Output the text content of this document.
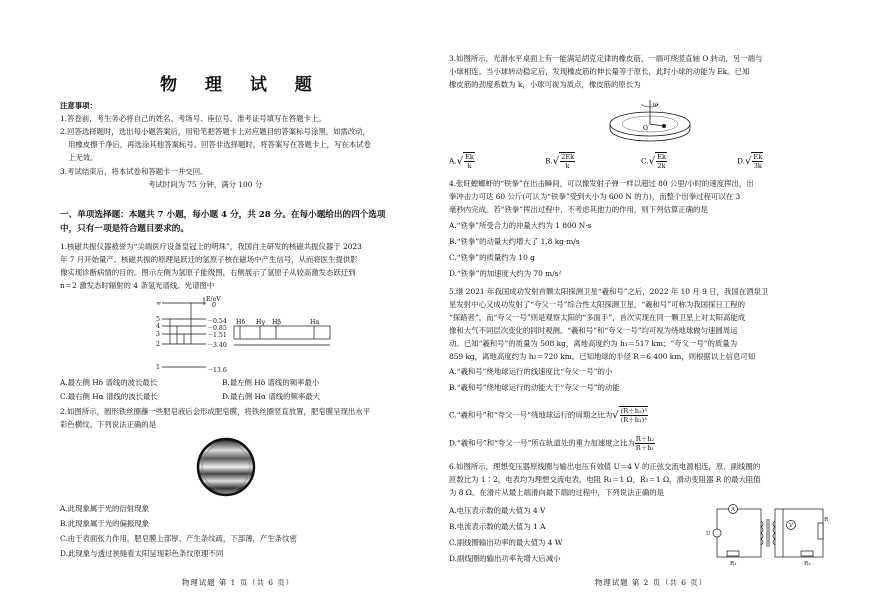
物 理 试 题
注意事项：
1.答卷前，考生务必将自己的姓名、考场号、座位号、准考证号填写在答题卡上。
2.回答选择题时，选出每小题答案后，用铅笔把答题卡上对应题目的答案标号涂黑，如需改动，
用橡皮擦干净后，再选涂其他答案标号。回答非选择题时，将答案写在答题卡上，写在本试卷
上无效。
3.考试结束后，将本试卷和答题卡一并交回。
考试时间为 75 分钟，满分 100 分
一、单项选择题：本题共 7 小题，每小题 4 分，共 28 分。在每小题给出的四个选项
中，只有一项是符合题目要求的。
1.核磁共振仪器被誉为“尖端医疗设备皇冠上的明珠”，我国自主研发的核磁共振仪器于 2023
年 7 月开始量产。核磁共振的原理是跃迁的氢原子核在磁场中产生信号，从而将医生提供影
像实现诊断病情的目的。图示左侧为氢原子能级图，右侧展示了氢原子从较高激发态跃迁到
n＝2 激发态时辐射的 4 条氢光谱线。光谱图中
E/eV
∞
5
4
3
2
1
0
－ 0.54
－ 0.85
－ 1.51
－ 3.40
－ 13.6
Hδ Hγ Hβ	Hα
A.最左侧 Hδ 谱线的波长最长	B.最左侧 Hδ 谱线的频率最小
C.最右侧 Hα 谱线的波长最长	D.最右侧 Hα 谱线的频率最大
2.如图所示，圆形铁丝圈蘸一些肥皂液后会形成肥皂膜，将铁丝圈竖直放置，肥皂膜呈现出水平
彩色横纹。下列说法正确的是
A.此现象属于光的衍射现象
B.此现象属于光的偏振现象
C.由于表面张力作用，肥皂膜上部厚、产生条纹疏，下部薄，产生条纹密
D.此现象与透过狭缝看太阳呈现彩色条纹原理不同
物理试题 第 1 页（共 6 页）
3.如图所示，光滑水平桌面上有一能满足胡克定律的橡皮筋，一端可绕竖直轴 O 转动，另一端与
小球相连。当小球转动稳定后，发现橡皮筋的伸长量等于原长，此时小球的动能为 Ek。已知
橡皮筋的劲度系数为 k，小球可视为质点，橡皮筋的原长为
ω
O
$A.√ \frac{Ek}{k}$	$B.√ \frac{2Ek}{k}$	$C.√ \frac{Ek}{2k}$	$D.√ \frac{Ek}{3k}$
4.张旺螳螂虾的“铁拳”在出击瞬间，可以像发射子弹一样以超过 80 公里/小时的速度挥出，出
拳冲击力可达 60 公斤(可认为“铁拳”受到大小为 600 N 的力)，而整个出拳过程可以在 3
毫秒内完成。若“铁拳”挥出过程中，不考虑其他力的作用，则下列估算正确的是
A.“铁拳”所受合力的冲量大约为 1 800 N·s
B.“铁拳”的动量大约增大了 1.8 kg·m/s
C.“铁拳”的质量约为 10 g
D.“铁拳”的加速度大约为 70 m/s²
5.继 2021 年我国成功发射首颗太阳探测卫星“羲和号”之后，2022 年 10 月 9 日，我国在酒泉卫
星发射中心又成功发射了“夸父一号”综合性太阳探测卫星，“羲和号”可称为我国探日工程的
“探路者”，而“夸父一号”则是观察太阳的“多面手”，首次实现在同一颗卫星上对太阳高能成
像和大气不同层次变化的同时观测。“羲和号”和“夸父一号”均可视为绕地球做匀速圆周运
动。已知“羲和号”的质量为 508 kg，离地高度约为 h₁＝517 km；“夸父一号”的质量为
859 kg，离地高度约为 h₂＝720 km。已知地球的半径 R＝6 400 km，则根据以上信息可知
A.“羲和号”绕地球运行的线速度比“夸父一号”的小
B.“羲和号”绕地球运行的动能大于“夸父一号”的动能
C.“羲和号”和“夸父一号”绕地球运行的周期之比为√ $\frac{\text{(R＋h₂)³}}{\text{(R＋h₁)³}}$
D.“羲和号”和“夸父一号”所在轨道处的重力加速度之比为 $\frac{\text{R＋h₂}}{\text{R＋h₁}}$
6.如图所示，理想变压器原线圈与输出电压有效值 U＝4 V 的正弦交流电源相连，原、副线圈的
匝数比为 1∶2，电表均为理想交流电表，电阻 R₁＝1 Ω，R₂＝1 Ω，滑动变阻器 R 的最大阻值
为 8 Ω。在滑片从最上端滑向最下端的过程中，下列说法正确的是
A.电压表示数的最大值为 4 V
B.电流表示数的最大值为 1 A
C.副线圈输出功率的最大值为 4 W
D.副线圈的输出功率先增大后减小
U
A
V
R₁	R₂
R
物理试题 第 2 页（共 6 页）
